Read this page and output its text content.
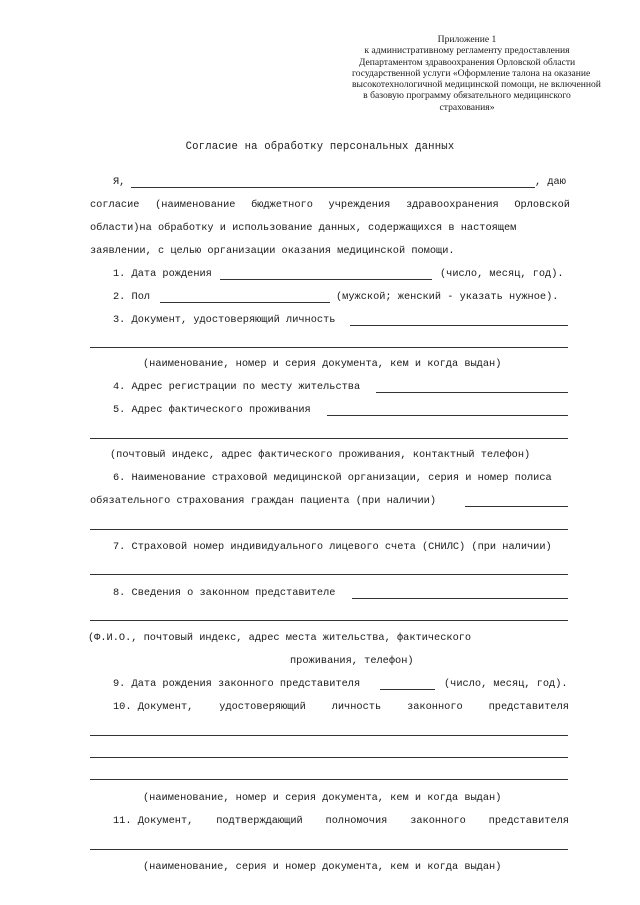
Приложение 1
к административному регламенту предоставления
Департаментом здравоохранения Орловской области
государственной услуги «Оформление талона на оказание
высокотехнологичной медицинской помощи, не включенной
в базовую программу обязательного медицинского
страхования»
Согласие на обработку персональных данных
Я,	, даю
согласие (наименование бюджетного учреждения здравоохранения Орловской
области)на обработку и использование данных, содержащихся в настоящем
заявлении, с целью организации оказания медицинской помощи.
1. Дата рождения	(число, месяц, год).
2. Пол	(мужской; женский - указать нужное).
3. Документ, удостоверяющий личность
(наименование, номер и серия документа, кем и когда выдан)
4. Адрес регистрации по месту жительства
5. Адрес фактического проживания
(почтовый индекс, адрес фактического проживания, контактный телефон)
6. Наименование страховой медицинской организации, серия и номер полиса
обязательного страхования граждан пациента (при наличии)
7. Страховой номер индивидуального лицевого счета (СНИЛС) (при наличии)
8. Сведения о законном представителе
(Ф.И.О., почтовый индекс, адрес места жительства, фактического
проживания, телефон)
9. Дата рождения законного представителя	(число, месяц, год).
10. Документ,	удостоверяющий	личность	законного	представителя
(наименование, номер и серия документа, кем и когда выдан)
11. Документ, подтверждающий полномочия законного представителя
(наименование, серия и номер документа, кем и когда выдан)
